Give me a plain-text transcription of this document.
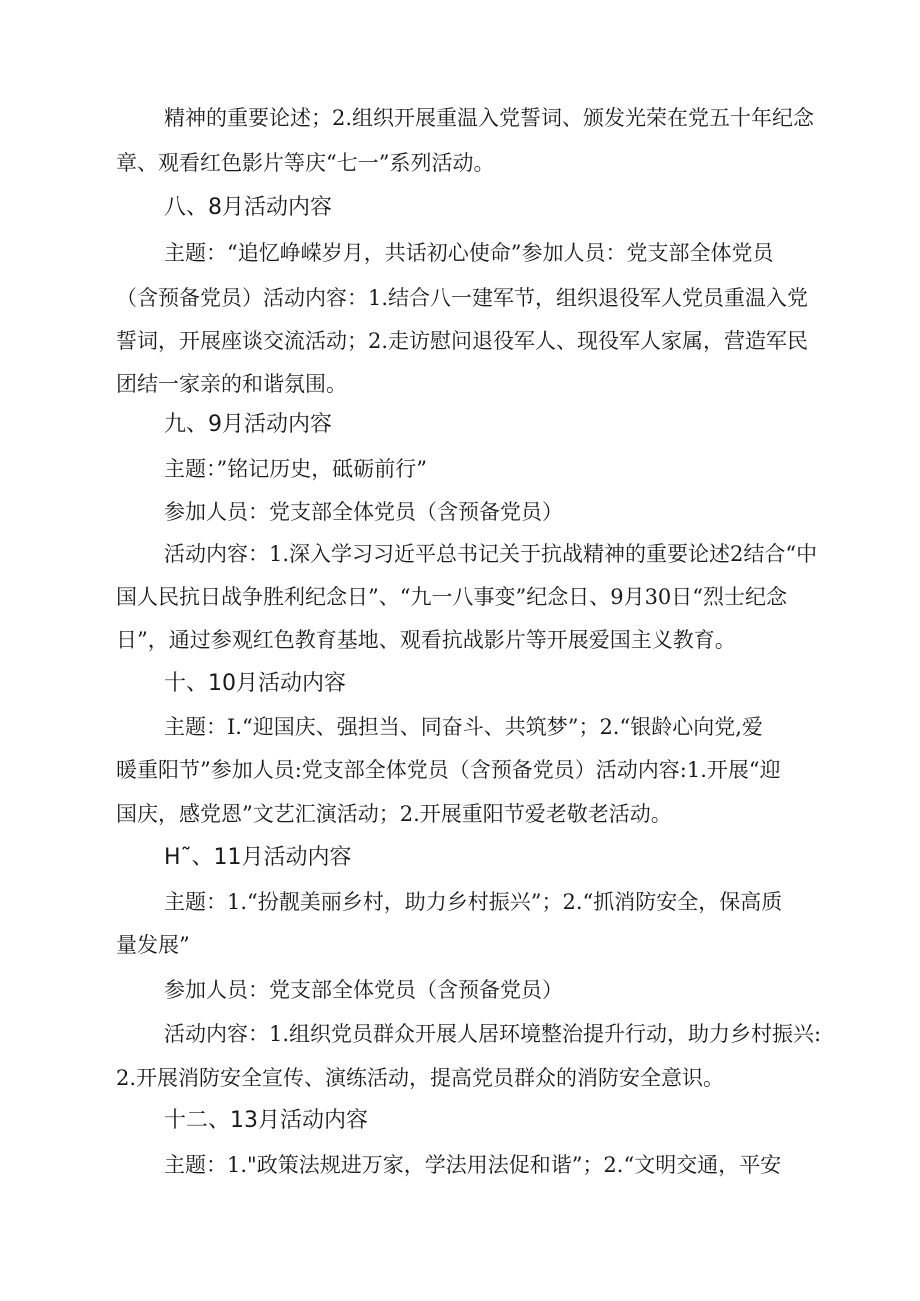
精神的重要论述；2.组织开展重温入党誓词、颁发光荣在党五十年纪念
章、观看红色影片等庆“七一”系列活动。
八、8月活动内容
主题：“追忆峥嵘岁月，共话初心使命”参加人员：党支部全体党员
（含预备党员）活动内容：1.结合八一建军节，组织退役军人党员重温入党
誓词，开展座谈交流活动；2.走访慰问退役军人、现役军人家属，营造军民
团结一家亲的和谐氛围。
九、9月活动内容
主题：”铭记历史，砥砺前行”
参加人员：党支部全体党员（含预备党员）
活动内容：1.深入学习习近平总书记关于抗战精神的重要论述2结合“中
国人民抗日战争胜利纪念日”、“九一八事变”纪念日、9月30日“烈士纪念
日”，通过参观红色教育基地、观看抗战影片等开展爱国主义教育。
十、10月活动内容
主题：I.“迎国庆、强担当、同奋斗、共筑梦”；2.“银龄心向党,爱
暖重阳节”参加人员:党支部全体党员（含预备党员）活动内容:1.开展“迎
国庆，感党恩”文艺汇演活动；2.开展重阳节爱老敬老活动。
H˜、11月活动内容
主题：1.“扮靓美丽乡村，助力乡村振兴”；2.“抓消防安全，保高质
量发展”
参加人员：党支部全体党员（含预备党员）
活动内容：1.组织党员群众开展人居环境整治提升行动，助力乡村振兴:
2.开展消防安全宣传、演练活动，提高党员群众的消防安全意识。
十二、13月活动内容
主题：1."政策法规进万家，学法用法促和谐”；2.“文明交通，平安
